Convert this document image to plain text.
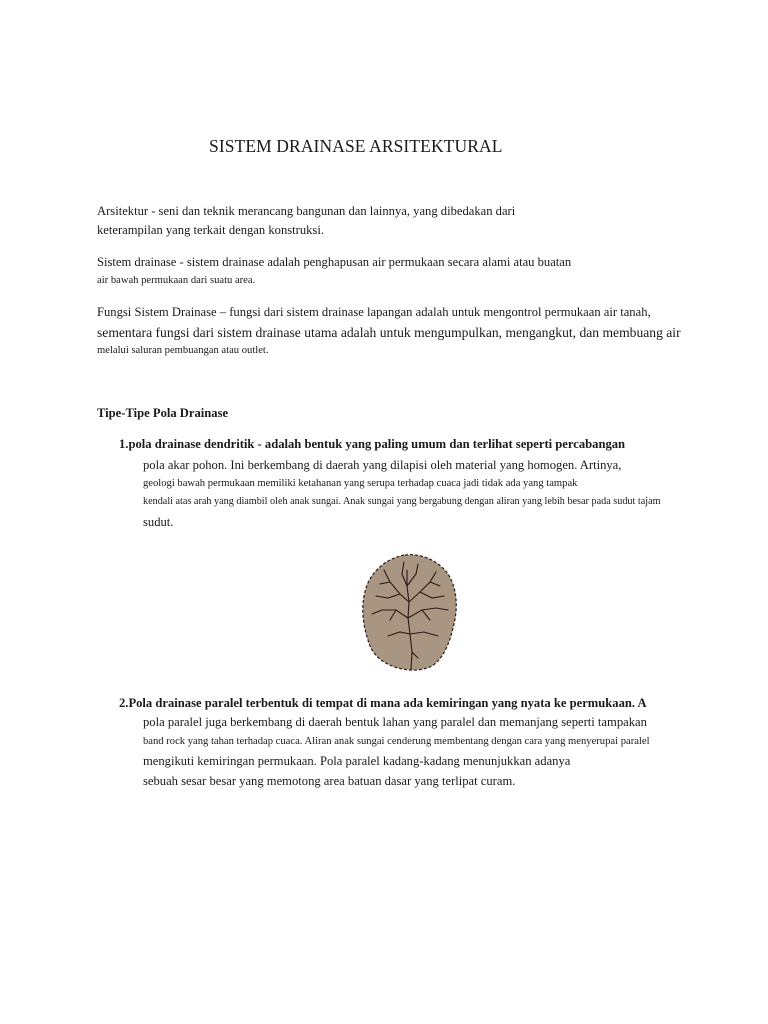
SISTEM DRAINASE ARSITEKTURAL
Arsitektur - seni dan teknik merancang bangunan dan lainnya, yang dibedakan dari
keterampilan yang terkait dengan konstruksi.
Sistem drainase - sistem drainase adalah penghapusan air permukaan secara alami atau buatan
air bawah permukaan dari suatu area.
Fungsi Sistem Drainase – fungsi dari sistem drainase lapangan adalah untuk mengontrol permukaan air tanah,
sementara fungsi dari sistem drainase utama adalah untuk mengumpulkan, mengangkut, dan membuang air
melalui saluran pembuangan atau outlet.
Tipe-Tipe Pola Drainase
1.pola drainase dendritik - adalah bentuk yang paling umum dan terlihat seperti percabangan
pola akar pohon. Ini berkembang di daerah yang dilapisi oleh material yang homogen. Artinya,
geologi bawah permukaan memiliki ketahanan yang serupa terhadap cuaca jadi tidak ada yang tampak
kendali atas arah yang diambil oleh anak sungai. Anak sungai yang bergabung dengan aliran yang lebih besar pada sudut tajam
sudut.
2.Pola drainase paralel terbentuk di tempat di mana ada kemiringan yang nyata ke permukaan. A
pola paralel juga berkembang di daerah bentuk lahan yang paralel dan memanjang seperti tampakan
band rock yang tahan terhadap cuaca. Aliran anak sungai cenderung membentang dengan cara yang menyerupai paralel
mengikuti kemiringan permukaan. Pola paralel kadang-kadang menunjukkan adanya
sebuah sesar besar yang memotong area batuan dasar yang terlipat curam.
